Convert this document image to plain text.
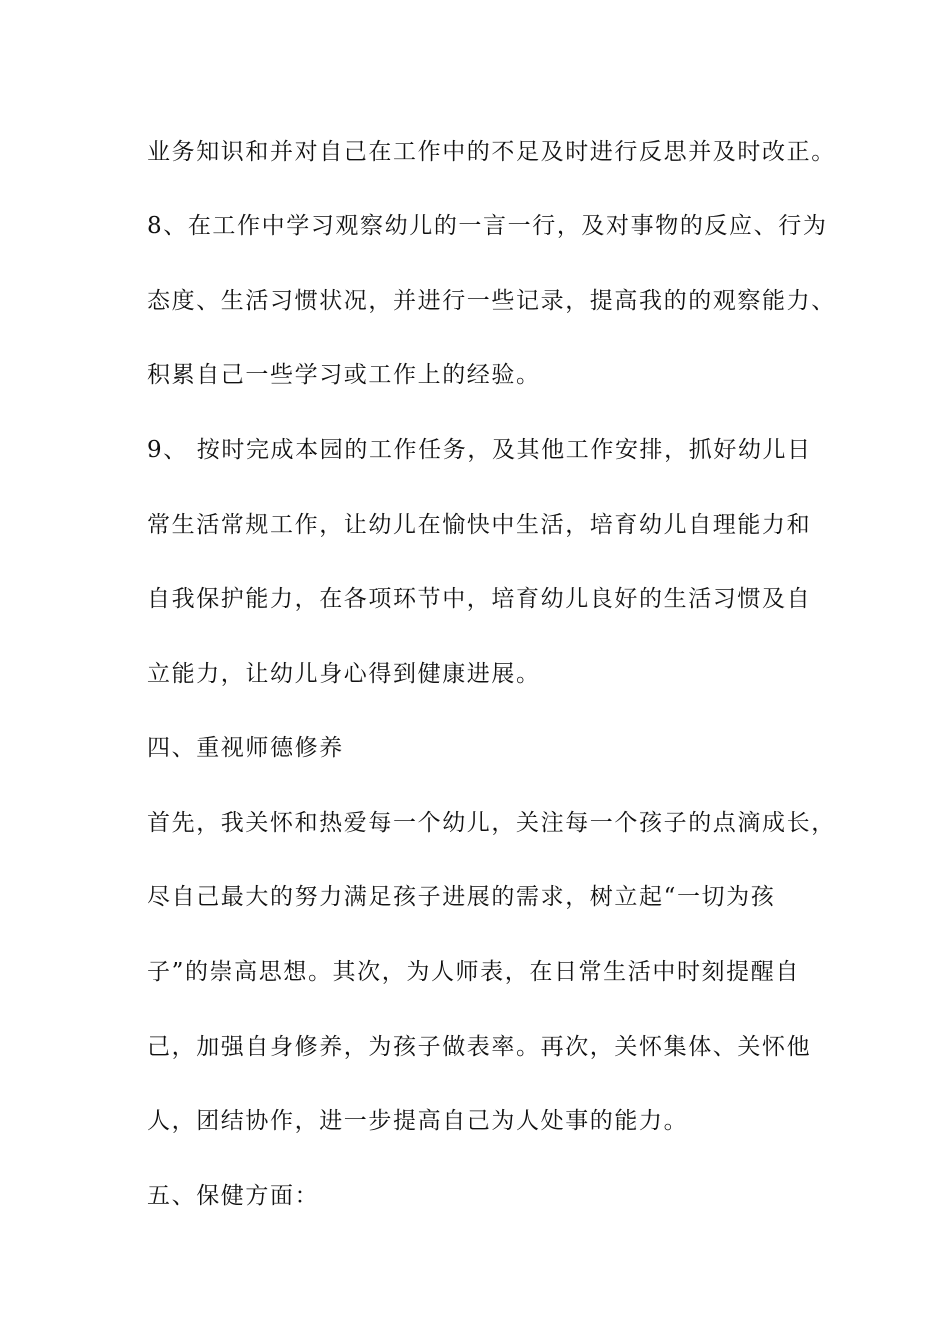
业务知识和并对自己在工作中的不足及时进行反思并及时改正。
8、在工作中学习观察幼儿的一言一行，及对事物的反应、行为
态度、生活习惯状况，并进行一些记录，提高我的的观察能力、
积累自己一些学习或工作上的经验。
9、 按时完成本园的工作任务，及其他工作安排，抓好幼儿日
常生活常规工作，让幼儿在愉快中生活，培育幼儿自理能力和
自我保护能力，在各项环节中，培育幼儿良好的生活习惯及自
立能力，让幼儿身心得到健康进展。
四、重视师德修养
首先，我关怀和热爱每一个幼儿，关注每一个孩子的点滴成长，
尽自己最大的努力满足孩子进展的需求，树立起“一切为孩
子”的崇高思想。其次，为人师表，在日常生活中时刻提醒自
己，加强自身修养，为孩子做表率。再次，关怀集体、关怀他
人，团结协作，进一步提高自己为人处事的能力。
五、保健方面：
